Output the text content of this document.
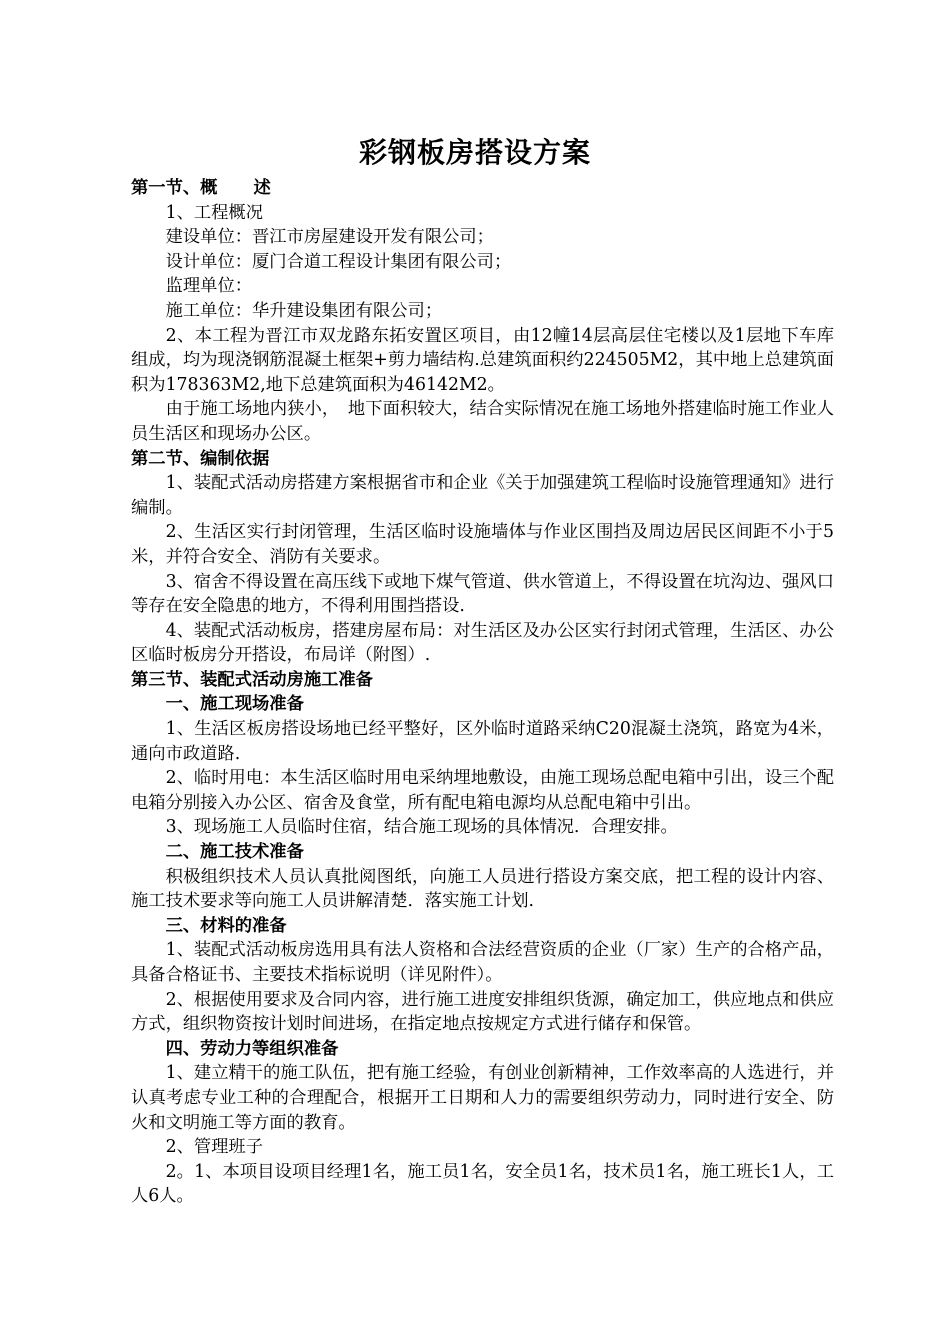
彩钢板房搭设方案

第一节、概 述

1、工程概况

建设单位：晋江市房屋建设开发有限公司；

设计单位：厦门合道工程设计集团有限公司；

监理单位：

施工单位：华升建设集团有限公司；

2、本工程为晋江市双龙路东拓安置区项目，由12幢14层高层住宅楼以及1层地下车库组成，均为现浇钢筋混凝土框架+剪力墙结构.总建筑面积约224505M2，其中地上总建筑面积为178363M2,地下总建筑面积为46142M2。

由于施工场地内狭小，　地下面积较大，结合实际情况在施工场地外搭建临时施工作业人员生活区和现场办公区。

第二节、编制依据

1、装配式活动房搭建方案根据省市和企业《关于加强建筑工程临时设施管理通知》进行编制。

2、生活区实行封闭管理，生活区临时设施墙体与作业区围挡及周边居民区间距不小于5米，并符合安全、消防有关要求。

3、宿舍不得设置在高压线下或地下煤气管道、供水管道上，不得设置在坑沟边、强风口等存在安全隐患的地方，不得利用围挡搭设.

4、装配式活动板房，搭建房屋布局：对生活区及办公区实行封闭式管理，生活区、办公区临时板房分开搭设，布局详（附图）.

第三节、装配式活动房施工准备

一、施工现场准备

1、生活区板房搭设场地已经平整好，区外临时道路采纳C20混凝土浇筑，路宽为4米，通向市政道路.

2、临时用电：本生活区临时用电采纳埋地敷设，由施工现场总配电箱中引出，设三个配电箱分别接入办公区、宿舍及食堂，所有配电箱电源均从总配电箱中引出。

3、现场施工人员临时住宿，结合施工现场的具体情况．合理安排。

二、施工技术准备

积极组织技术人员认真批阅图纸，向施工人员进行搭设方案交底，把工程的设计内容、施工技术要求等向施工人员讲解清楚．落实施工计划.

三、材料的准备

1、装配式活动板房选用具有法人资格和合法经营资质的企业（厂家）生产的合格产品，具备合格证书、主要技术指标说明（详见附件）。

2、根据使用要求及合同内容，进行施工进度安排组织货源，确定加工，供应地点和供应方式，组织物资按计划时间进场，在指定地点按规定方式进行储存和保管。

四、劳动力等组织准备

1、建立精干的施工队伍，把有施工经验，有创业创新精神，工作效率高的人选进行，并认真考虑专业工种的合理配合，根据开工日期和人力的需要组织劳动力，同时进行安全、防火和文明施工等方面的教育。

2、管理班子

2。1、本项目设项目经理1名，施工员1名，安全员1名，技术员1名，施工班长1人，工人6人。
